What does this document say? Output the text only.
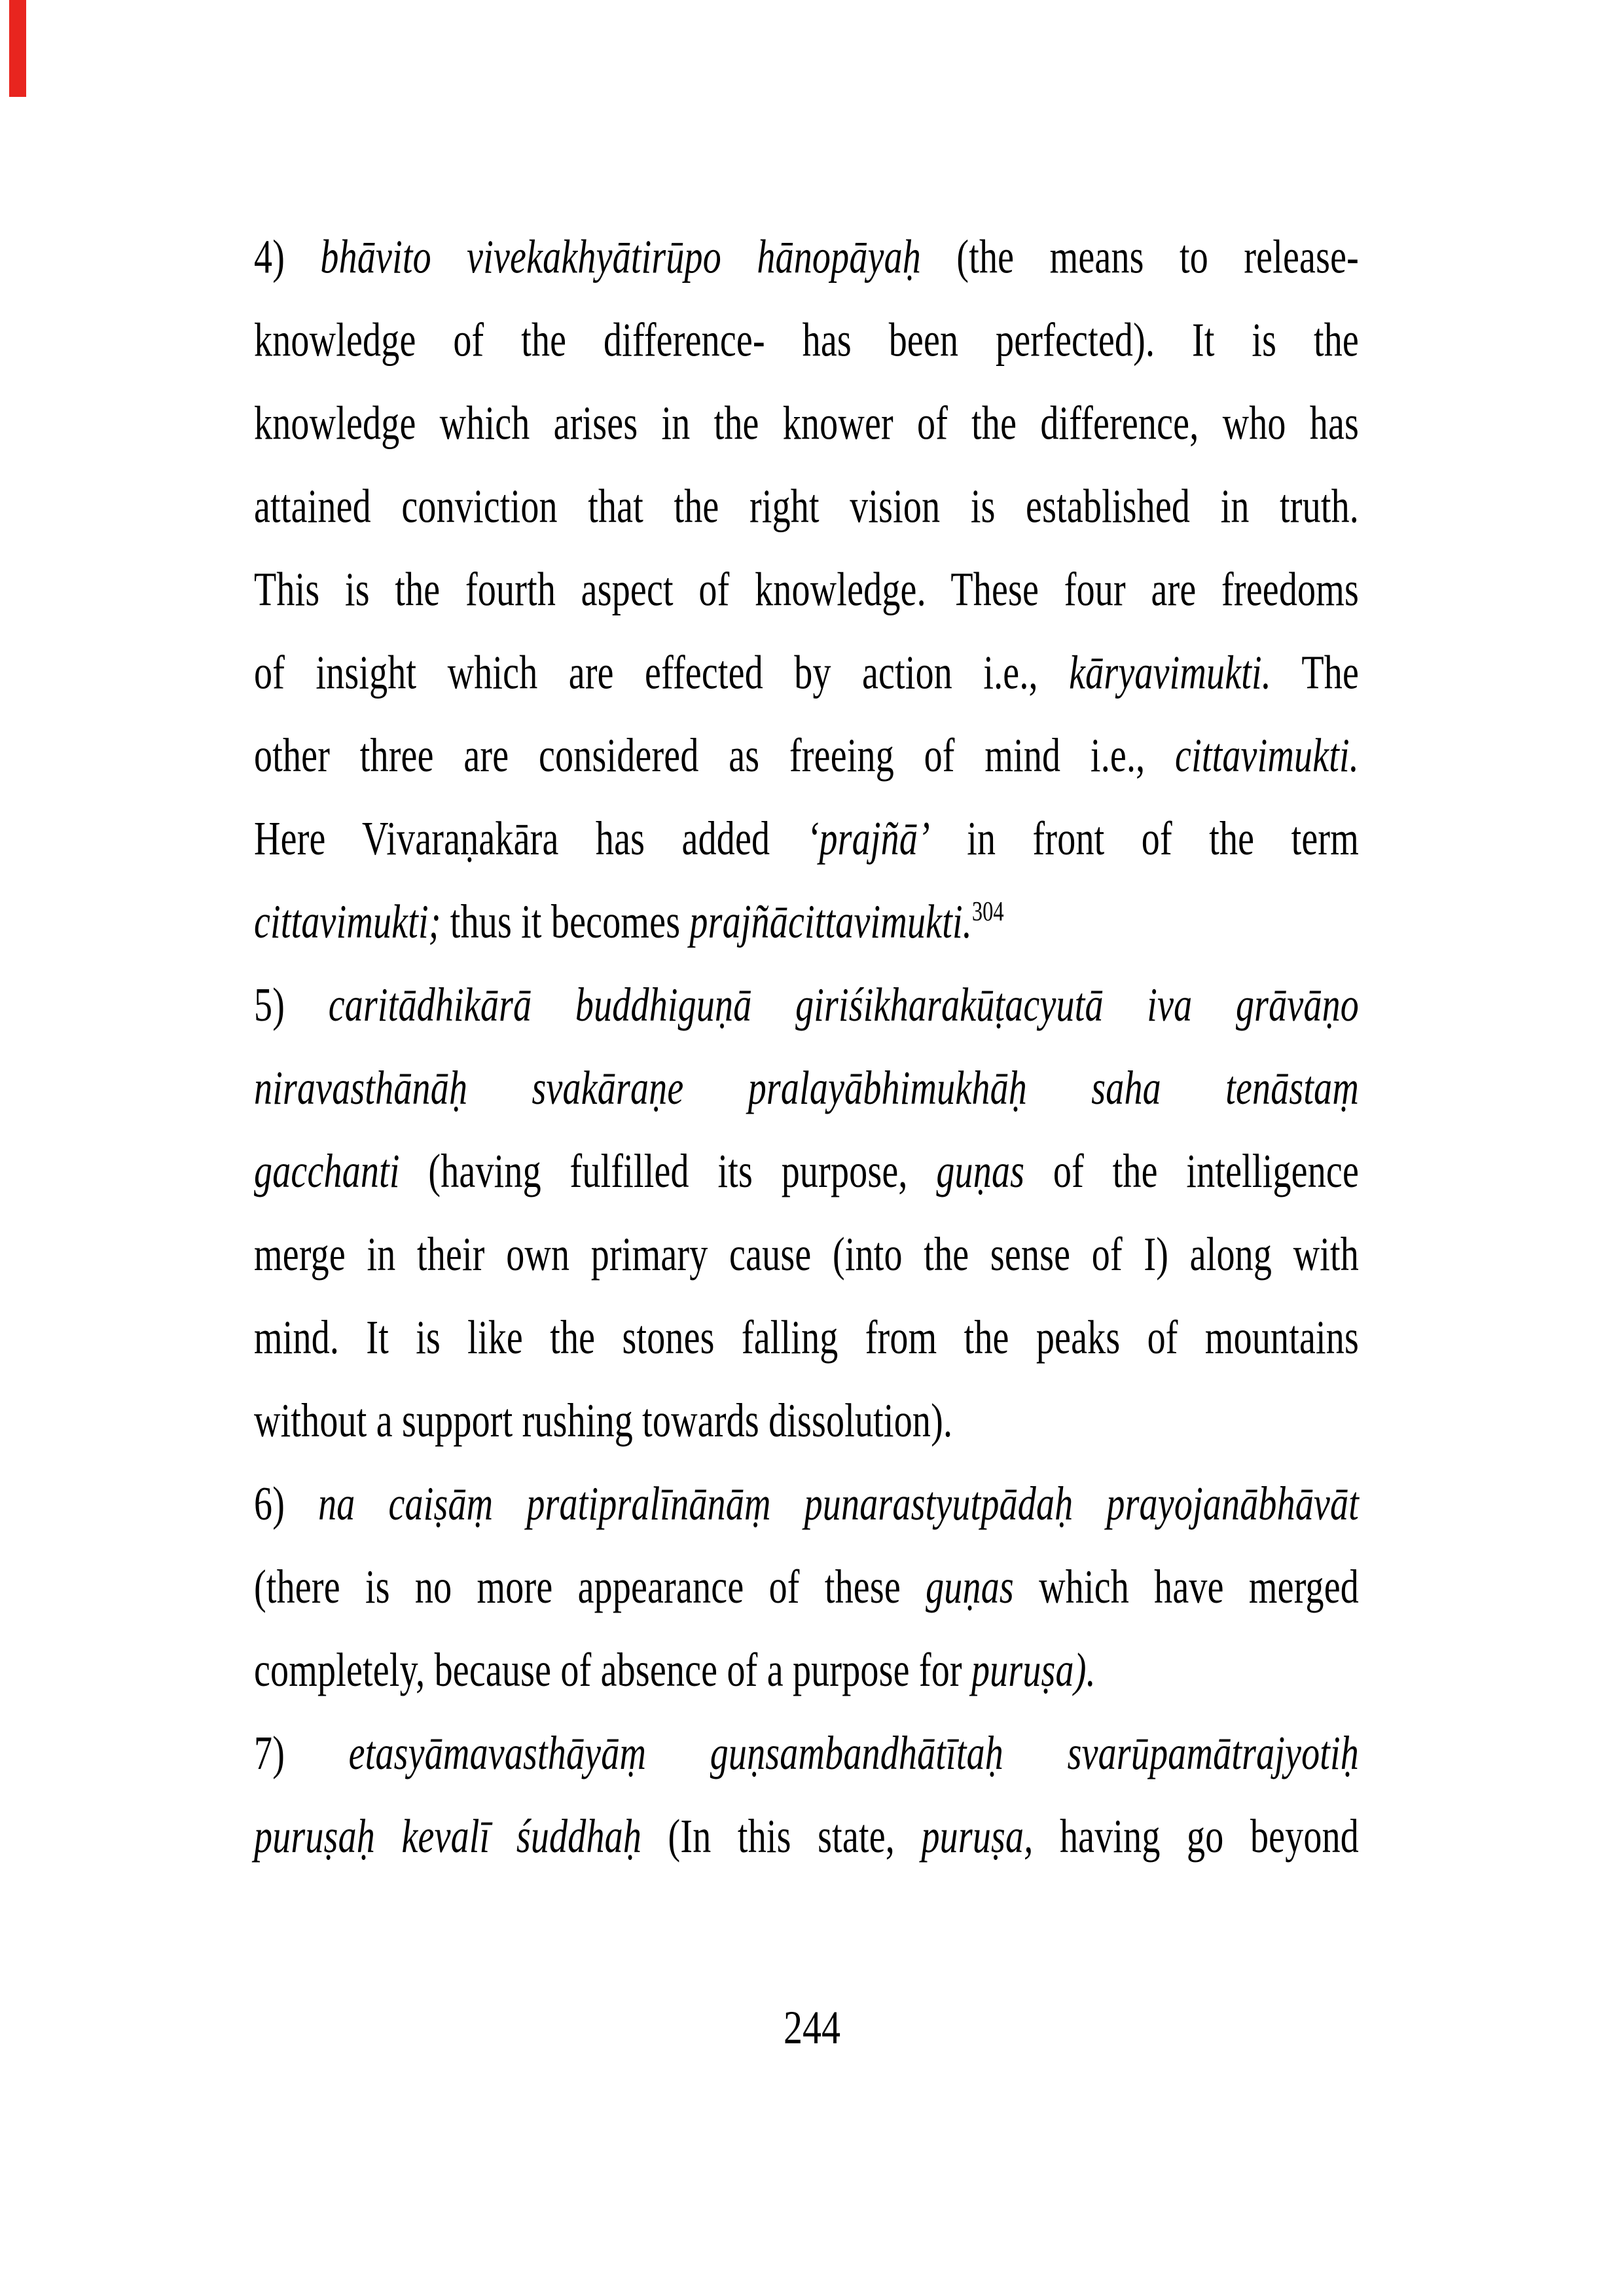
4) bhāvito vivekakhyātirūpo hānopāyaḥ (the means to release-
knowledge of the difference- has been perfected). It is the
knowledge which arises in the knower of the difference, who has
attained conviction that the right vision is established in truth.
This is the fourth aspect of knowledge. These four are freedoms
of insight which are effected by action i.e., kāryavimukti. The
other three are considered as freeing of mind i.e., cittavimukti.
Here Vivaraṇakāra has added ‘prajñā’ in front of the term
cittavimukti; thus it becomes prajñācittavimukti.$^{304}$
5) caritādhikārā buddhiguṇā giriśikharakūṭacyutā iva grāvāṇo
niravasthānāḥ svakāraṇe pralayābhimukhāḥ saha tenāstaṃ
gacchanti (having fulfilled its purpose, guṇas of the intelligence
merge in their own primary cause (into the sense of I) along with
mind. It is like the stones falling from the peaks of mountains
without a support rushing towards dissolution).
6) na caiṣāṃ pratipralīnānāṃ punarastyutpādaḥ prayojanābhāvāt
(there is no more appearance of these guṇas which have merged
completely, because of absence of a purpose for puruṣa).
7) etasyāmavasthāyāṃ guṇsambandhātītaḥ svarūpamātrajyotiḥ
puruṣaḥ kevalī śuddhaḥ (In this state, puruṣa, having go beyond
244
